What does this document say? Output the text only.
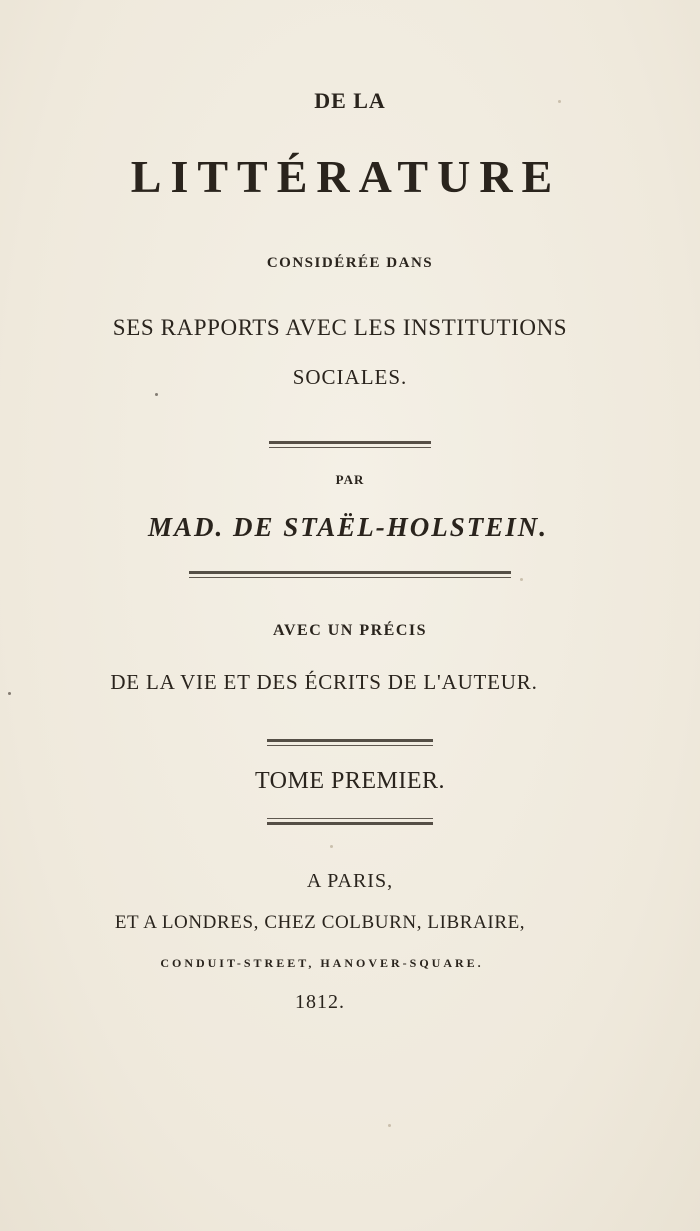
DE LA
LITTÉRATURE
CONSIDÉRÉE DANS
SES RAPPORTS AVEC LES INSTITUTIONS
SOCIALES.
PAR
MAD. DE STAËL-HOLSTEIN.
AVEC UN PRÉCIS
DE LA VIE ET DES ÉCRITS DE L'AUTEUR.
TOME PREMIER.
A PARIS,
ET A LONDRES, CHEZ COLBURN, LIBRAIRE,
CONDUIT-STREET, HANOVER-SQUARE.
1812.
